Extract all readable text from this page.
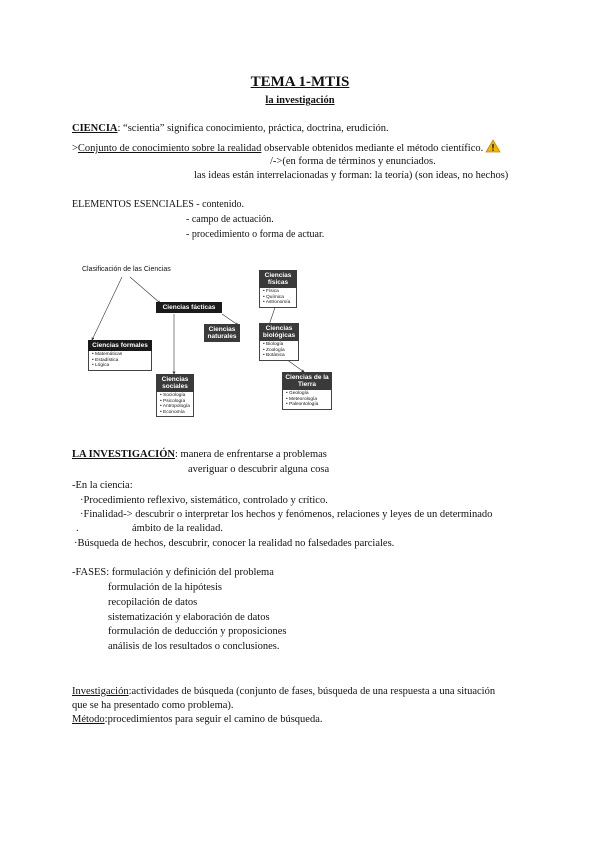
TEMA 1-MTIS
la investigación
CIENCIA: “scientia” significa conocimiento, práctica, doctrina, erudición.
>Conjunto de conocimiento sobre la realidad observable obtenidos mediante el método científico.
/->(en forma de términos y enunciados.
las ideas están interrelacionadas y forman: la teoría) (son ideas, no hechos)
ELEMENTOS ESENCIALES - contenido.
- campo de actuación.
- procedimiento o forma de actuar.
Clasificación de las Ciencias
Ciencias fácticas
Ciencias formales
• Matemáticas
• Estadística
• Lógica
Ciencias naturales
Ciencias sociales
• Sociología
• Psicología
• Antropología
• Economía
Ciencias físicas
• Física
• Química
• Astronomía
Ciencias biológicas
• Biología
• Zoología
• Botánica
Ciencias de la Tierra
• Geología
• Meteorología
• Paleontología
LA INVESTIGACIÓN: manera de enfrentarse a problemas
averiguar o descubrir alguna cosa
-En la ciencia:
·Procedimiento reflexivo, sistemático, controlado y crítico.
·Finalidad-> descubrir o interpretar los hechos y fenómenos, relaciones y leyes de un determinado
.	ámbito de la realidad.
·Búsqueda de hechos, descubrir, conocer la realidad no falsedades parciales.
-FASES: formulación y definición del problema
formulación de la hipótesis
recopilación de datos
sistematización y elaboración de datos
formulación de deducción y proposiciones
análisis de los resultados o conclusiones.
Investigación:actividades de búsqueda (conjunto de fases, búsqueda de una respuesta a una situación
que se ha presentado como problema).
Método:procedimientos para seguir el camino de búsqueda.
